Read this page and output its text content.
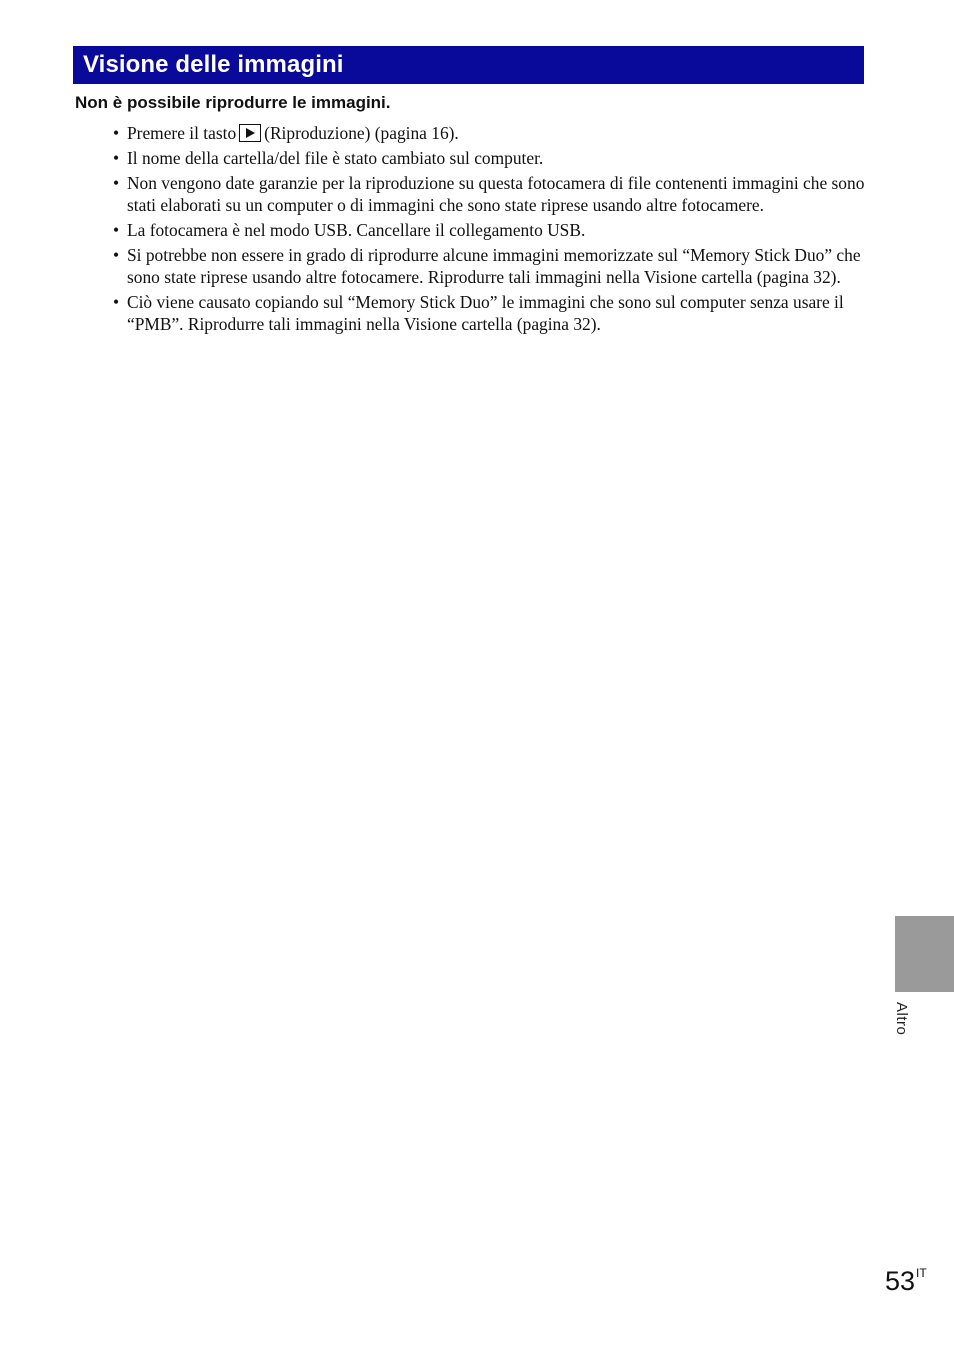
Visione delle immagini
Non è possibile riprodurre le immagini.
• Premere il tasto (Riproduzione) (pagina 16).
• Il nome della cartella/del file è stato cambiato sul computer.
• Non vengono date garanzie per la riproduzione su questa fotocamera di file contenenti immagini che sono stati elaborati su un computer o di immagini che sono state riprese usando altre fotocamere.
• La fotocamera è nel modo USB. Cancellare il collegamento USB.
• Si potrebbe non essere in grado di riprodurre alcune immagini memorizzate sul “Memory Stick Duo” che sono state riprese usando altre fotocamere. Riprodurre tali immagini nella Visione cartella (pagina 32).
• Ciò viene causato copiando sul “Memory Stick Duo” le immagini che sono sul computer senza usare il “PMB”. Riprodurre tali immagini nella Visione cartella (pagina 32).
Altro
$53^{IT}$
